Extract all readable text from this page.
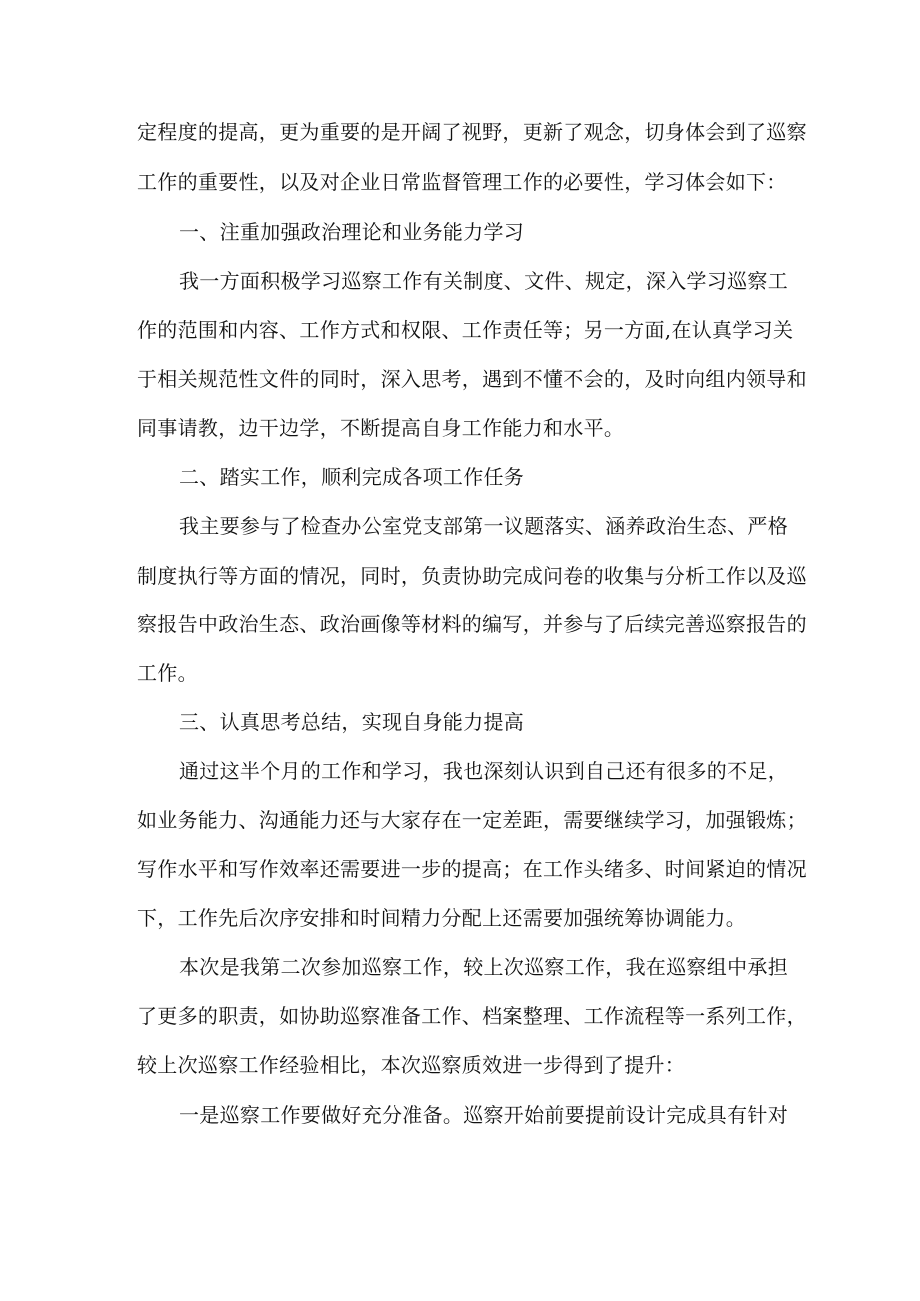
定程度的提高，更为重要的是开阔了视野，更新了观念，切身体会到了巡察
工作的重要性，以及对企业日常监督管理工作的必要性，学习体会如下：
一、注重加强政治理论和业务能力学习
我一方面积极学习巡察工作有关制度、文件、规定，深入学习巡察工
作的范围和内容、工作方式和权限、工作责任等；另一方面,在认真学习关
于相关规范性文件的同时，深入思考，遇到不懂不会的，及时向组内领导和
同事请教，边干边学，不断提高自身工作能力和水平。
二、踏实工作，顺利完成各项工作任务
我主要参与了检查办公室党支部第一议题落实、涵养政治生态、严格
制度执行等方面的情况，同时，负责协助完成问卷的收集与分析工作以及巡
察报告中政治生态、政治画像等材料的编写，并参与了后续完善巡察报告的
工作。
三、认真思考总结，实现自身能力提高
通过这半个月的工作和学习，我也深刻认识到自己还有很多的不足，
如业务能力、沟通能力还与大家存在一定差距，需要继续学习，加强锻炼；
写作水平和写作效率还需要进一步的提高；在工作头绪多、时间紧迫的情况
下，工作先后次序安排和时间精力分配上还需要加强统筹协调能力。
本次是我第二次参加巡察工作，较上次巡察工作，我在巡察组中承担
了更多的职责，如协助巡察准备工作、档案整理、工作流程等一系列工作，
较上次巡察工作经验相比，本次巡察质效进一步得到了提升：
一是巡察工作要做好充分准备。巡察开始前要提前设计完成具有针对
